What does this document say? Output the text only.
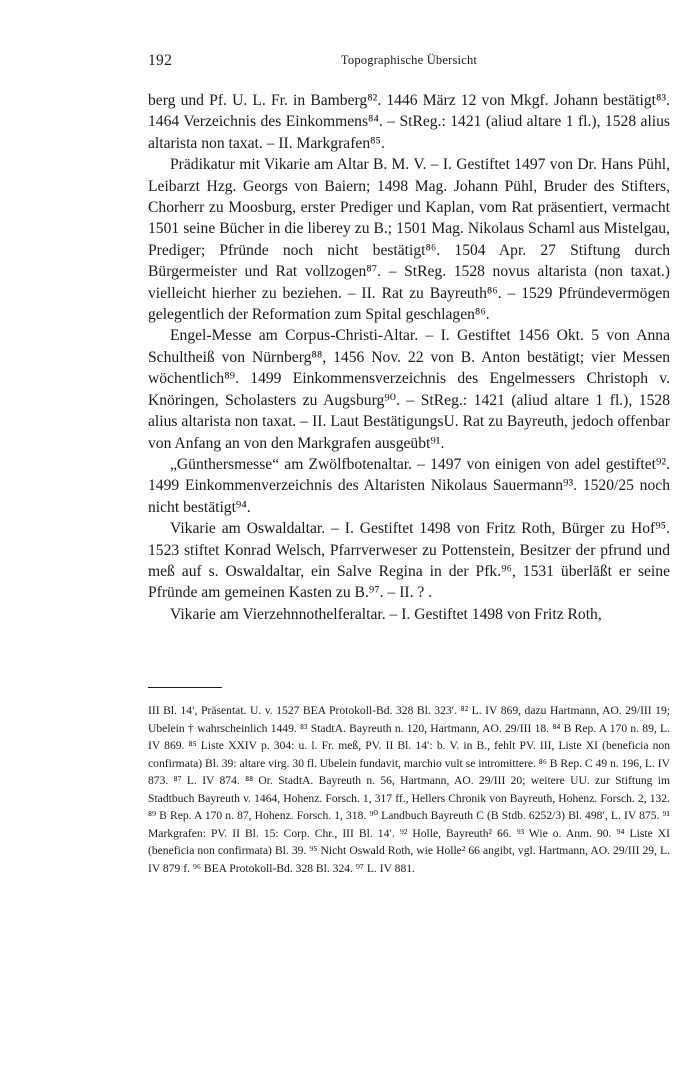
192	Topographische Übersicht

berg und Pf. U. L. Fr. in Bamberg⁸². 1446 März 12 von Mkgf. Johann bestätigt⁸³. 1464 Verzeichnis des Einkommens⁸⁴. – StReg.: 1421 (aliud altare 1 fl.), 1528 alius altarista non taxat. – II. Markgrafen⁸⁵.

Prädikatur mit Vikarie am Altar B. M. V. – I. Gestiftet 1497 von Dr. Hans Pühl, Leibarzt Hzg. Georgs von Baiern; 1498 Mag. Johann Pühl, Bruder des Stifters, Chorherr zu Moosburg, erster Prediger und Kaplan, vom Rat präsentiert, vermacht 1501 seine Bücher in die liberey zu B.; 1501 Mag. Nikolaus Schaml aus Mistelgau, Prediger; Pfründe noch nicht bestätigt⁸⁶. 1504 Apr. 27 Stiftung durch Bürgermeister und Rat vollzogen⁸⁷. – StReg. 1528 novus altarista (non taxat.) vielleicht hierher zu beziehen. – II. Rat zu Bayreuth⁸⁶. – 1529 Pfründevermögen gelegentlich der Reformation zum Spital geschlagen⁸⁶.

Engel-Messe am Corpus-Christi-Altar. – I. Gestiftet 1456 Okt. 5 von Anna Schultheiß von Nürnberg⁸⁸, 1456 Nov. 22 von B. Anton bestätigt; vier Messen wöchentlich⁸⁹. 1499 Einkommensverzeichnis des Engelmessers Christoph v. Knöringen, Scholasters zu Augsburg⁹⁰. – StReg.: 1421 (aliud altare 1 fl.), 1528 alius altarista non taxat. – II. Laut BestätigungsU. Rat zu Bayreuth, jedoch offenbar von Anfang an von den Markgrafen ausgeübt⁹¹.

„Günthersmesse“ am Zwölfbotenaltar. – 1497 von einigen von adel gestiftet⁹². 1499 Einkommenverzeichnis des Altaristen Nikolaus Sauermann⁹³. 1520/25 noch nicht bestätigt⁹⁴.

Vikarie am Oswaldaltar. – I. Gestiftet 1498 von Fritz Roth, Bürger zu Hof⁹⁵. 1523 stiftet Konrad Welsch, Pfarrverweser zu Pottenstein, Besitzer der pfrund und meß auf s. Oswaldaltar, ein Salve Regina in der Pfk.⁹⁶, 1531 überläßt er seine Pfründe am gemeinen Kasten zu B.⁹⁷. – II. ? .

Vikarie am Vierzehnnothelferaltar. – I. Gestiftet 1498 von Fritz Roth,

III Bl. 14′, Präsentat. U. v. 1527 BEA Protokoll-Bd. 328 Bl. 323′. ⁸² L. IV 869, dazu Hartmann, AO. 29/III 19; Ubelein † wahrscheinlich 1449. ⁸³ StadtA. Bayreuth n. 120, Hartmann, AO. 29/III 18. ⁸⁴ B Rep. A 170 n. 89, L. IV 869. ⁸⁵ Liste XXIV p. 304: u. l. Fr. meß, PV. II Bl. 14′: b. V. in B., fehlt PV. III, Liste XI (beneficia non confirmata) Bl. 39: altare virg. 30 fl. Ubelein fundavit, marchio vult se intromittere. ⁸⁶ B Rep. C 49 n. 196, L. IV 873. ⁸⁷ L. IV 874. ⁸⁸ Or. StadtA. Bayreuth n. 56, Hartmann, AO. 29/III 20; weitere UU. zur Stiftung im Stadtbuch Bayreuth v. 1464, Hohenz. Forsch. 1, 317 ff., Hellers Chronik von Bayreuth, Hohenz. Forsch. 2, 132. ⁸⁹ B Rep. A 170 n. 87, Hohenz. Forsch. 1, 318. ⁹⁰ Landbuch Bayreuth C (B Stdb. 6252/3) Bl. 498′, L. IV 875. ⁹¹ Markgrafen: PV. II Bl. 15: Corp. Chr., III Bl. 14′. ⁹² Holle, Bayreuth² 66. ⁹³ Wie o. Anm. 90. ⁹⁴ Liste XI (beneficia non confirmata) Bl. 39. ⁹⁵ Nicht Oswald Roth, wie Holle² 66 angibt, vgl. Hartmann, AO. 29/III 29, L. IV 879 f. ⁹⁶ BEA Protokoll-Bd. 328 Bl. 324. ⁹⁷ L. IV 881.
